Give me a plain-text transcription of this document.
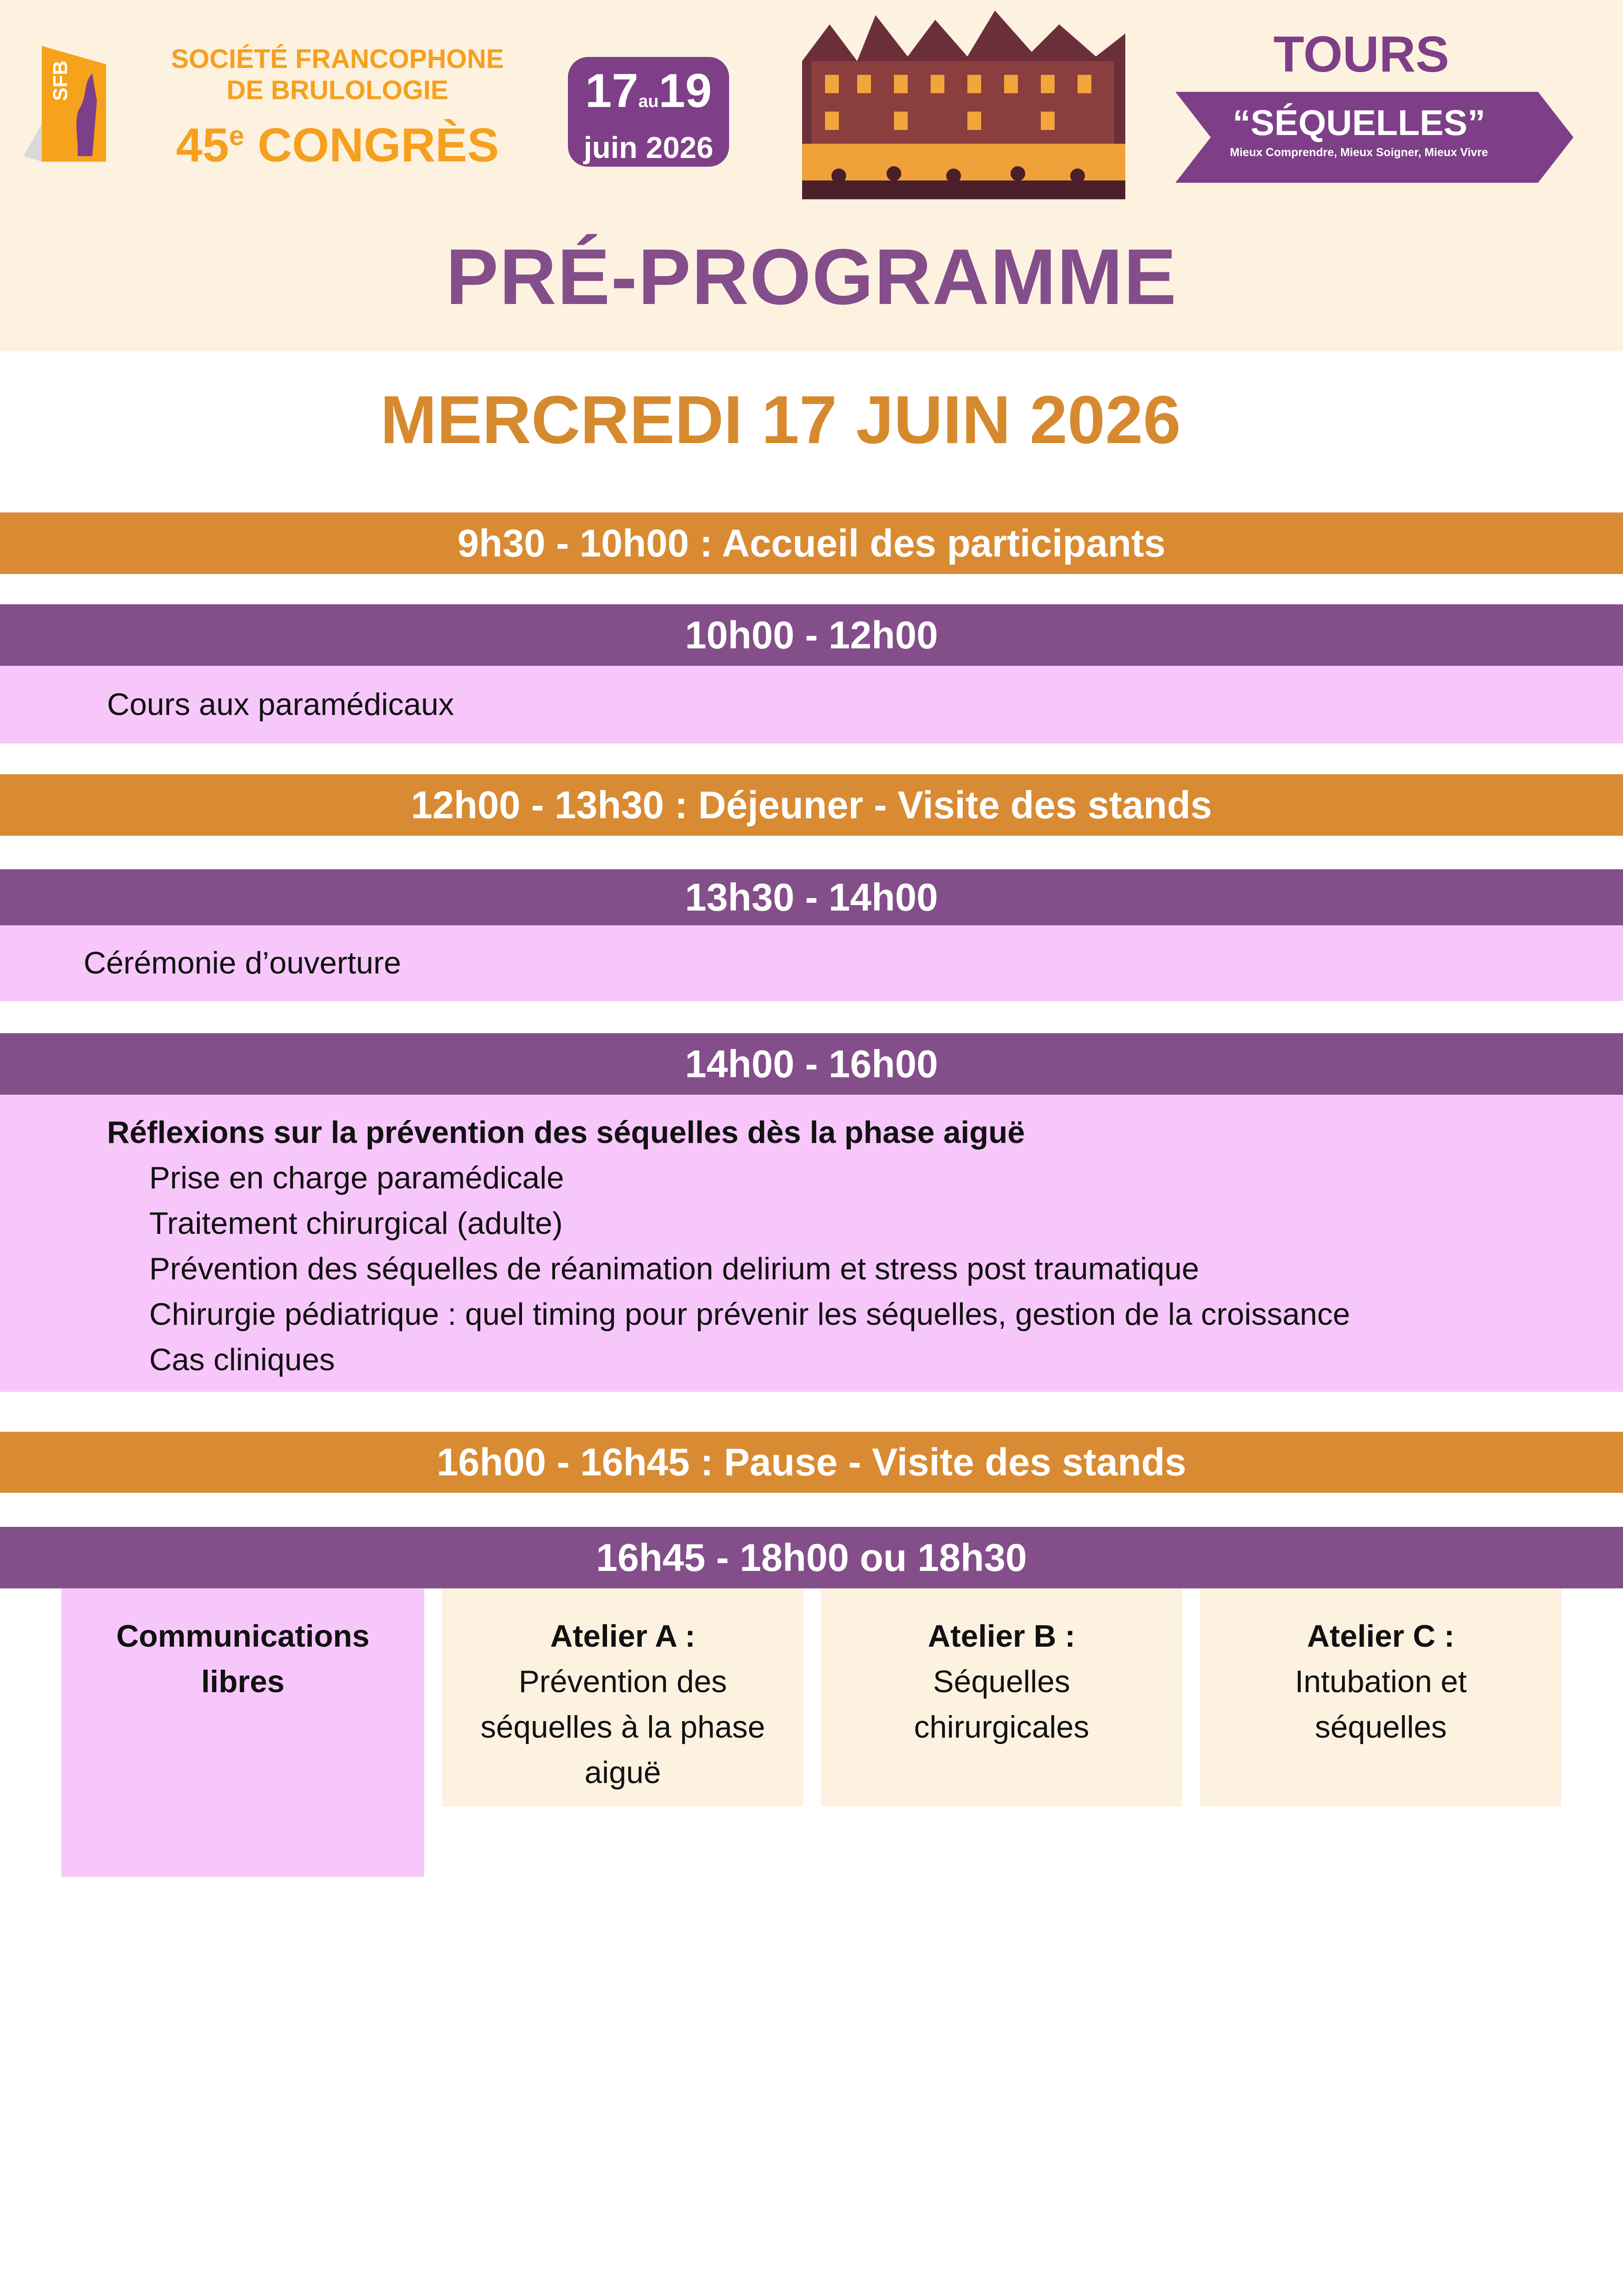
SFB
SOCIÉTÉ FRANCOPHONE
DE BRULOLOGIE
45e CONGRÈS
17au19
juin 2026
TOURS
“SÉQUELLES”
Mieux Comprendre, Mieux Soigner, Mieux Vivre
PRÉ-PROGRAMME
MERCREDI 17 JUIN 2026
9h30 - 10h00 : Accueil des participants
10h00 - 12h00

Cours aux paramédicaux

12h00 - 13h30 : Déjeuner - Visite des stands
13h30 - 14h00

Cérémonie d’ouverture

14h00 - 16h00

Réflexions sur la prévention des séquelles dès la phase aiguë

Prise en charge paramédicale

Traitement chirurgical (adulte)

Prévention des séquelles de réanimation delirium et stress post traumatique

Chirurgie pédiatrique : quel timing pour prévenir les séquelles, gestion de la croissance

Cas cliniques

16h00 - 16h45 : Pause - Visite des stands
16h45 - 18h00 ou 18h30
Communications libres
Atelier A :
Prévention des séquelles à la phase aiguë
Atelier B :
Séquelles chirurgicales
Atelier C :
Intubation et séquelles
